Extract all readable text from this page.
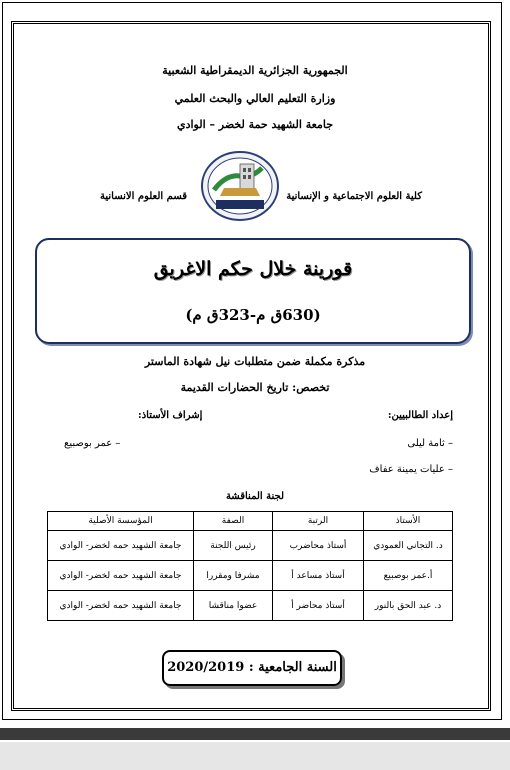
الجمهورية الجزائرية الديمقراطية الشعبية
وزارة التعليم العالي والبحث العلمي
جامعة الشهيد حمة لخضر – الوادي
كلية العلوم الاجتماعية و الإنسانية
قسم العلوم الانسانية
قورينة خلال حكم الاغريق
(630ق م-323ق م)
مذكرة مكملة ضمن متطلبات نيل شهادة الماستر
تخصص: تاريخ الحضارات القديمة
إعداد الطالبيين:
إشراف الأستاذ:
– ثامة ليلى
– عليات يمينة عفاف
– عمر بوصبيع
لجنة المناقشة
الأستاذ	الرتبة	الصفة	المؤسسة الأصلية
د. التجاني العمودي	أستاذ محاضرب	رئيس اللجنة	جامعة الشهيد حمه لخضر- الوادي
أ.عمر بوصبيع	أستاذ مساعد أ	مشرفا ومقررا	جامعة الشهيد حمه لخضر- الوادي
د. عبد الحق بالنور	أستاذ محاضر أ	عضوا مناقشا	جامعة الشهيد حمه لخضر- الوادي
السنة الجامعية : 2020/2019
